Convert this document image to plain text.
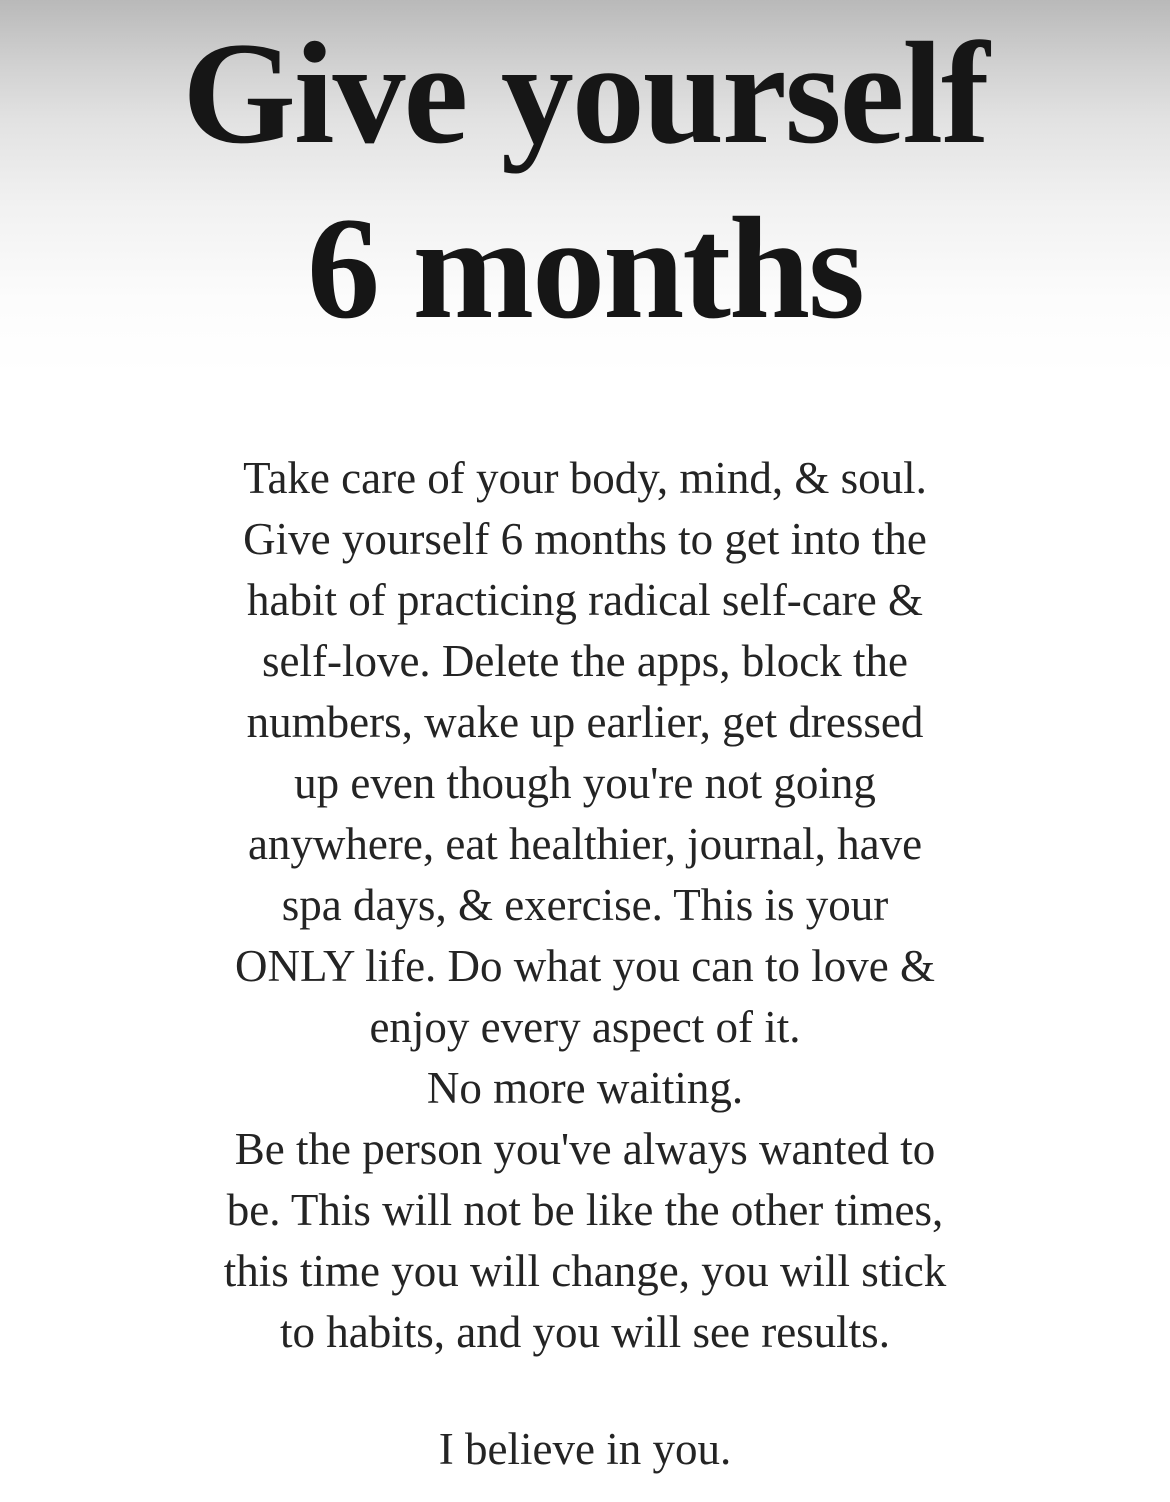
Give yourself
6 months
Take care of your body, mind, & soul.
Give yourself 6 months to get into the
habit of practicing radical self-care &
self-love. Delete the apps, block the
numbers, wake up earlier, get dressed
up even though you're not going
anywhere, eat healthier, journal, have
spa days, & exercise. This is your
ONLY life. Do what you can to love &
enjoy every aspect of it.
No more waiting.
Be the person you've always wanted to
be. This will not be like the other times,
this time you will change, you will stick
to habits, and you will see results.
I believe in you.
